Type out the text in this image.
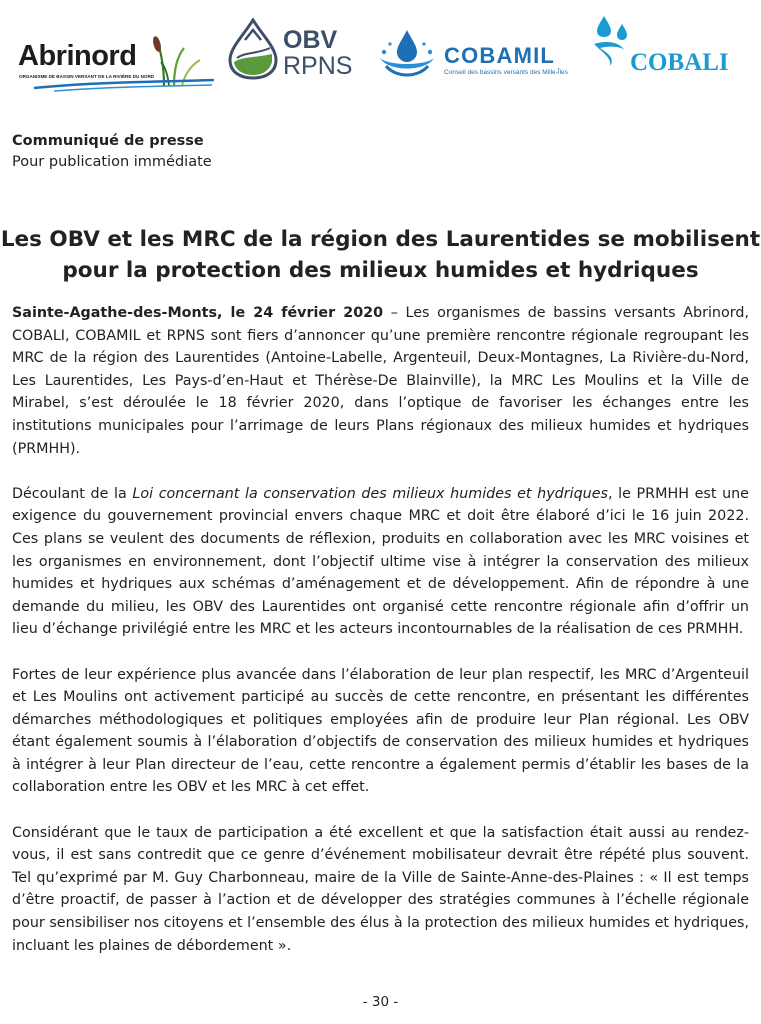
Abrinord
ORGANISME DE BASSIN VERSANT DE LA RIVIÈRE DU NORD
OBV
RPNS	COBAMIL
Conseil des bassins versants des Mille-Îles COBALI
Communiqué de presse
Pour publication immédiate
Les OBV et les MRC de la région des Laurentides se mobilisent
pour la protection des milieux humides et hydriques

Sainte-Agathe-des-Monts, le 24 février 2020 – Les organismes de bassins versants Abrinord, COBALI, COBAMIL et RPNS sont fiers d’annoncer qu’une première rencontre régionale regroupant les MRC de la région des Laurentides (Antoine-Labelle, Argenteuil, Deux-Montagnes, La Rivière-du-Nord, Les Laurentides, Les Pays-d’en-Haut et Thérèse-De Blainville), la MRC Les Moulins et la Ville de Mirabel, s’est déroulée le 18 février 2020, dans l’optique de favoriser les échanges entre les institutions municipales pour l’arrimage de leurs Plans régionaux des milieux humides et hydriques (PRMHH).

Découlant de la Loi concernant la conservation des milieux humides et hydriques, le PRMHH est une exigence du gouvernement provincial envers chaque MRC et doit être élaboré d’ici le 16 juin 2022. Ces plans se veulent des documents de réflexion, produits en collaboration avec les MRC voisines et les organismes en environnement, dont l’objectif ultime vise à intégrer la conservation des milieux humides et hydriques aux schémas d’aménagement et de développement. Afin de répondre à une demande du milieu, les OBV des Laurentides ont organisé cette rencontre régionale afin d’offrir un lieu d’échange privilégié entre les MRC et les acteurs incontournables de la réalisation de ces PRMHH.

Fortes de leur expérience plus avancée dans l’élaboration de leur plan respectif, les MRC d’Argenteuil et Les Moulins ont activement participé au succès de cette rencontre, en présentant les différentes démarches méthodologiques et politiques employées afin de produire leur Plan régional. Les OBV étant également soumis à l’élaboration d’objectifs de conservation des milieux humides et hydriques à intégrer à leur Plan directeur de l’eau, cette rencontre a également permis d’établir les bases de la collaboration entre les OBV et les MRC à cet effet.

Considérant que le taux de participation a été excellent et que la satisfaction était aussi au rendez-vous, il est sans contredit que ce genre d’événement mobilisateur devrait être répété plus souvent. Tel qu’exprimé par M. Guy Charbonneau, maire de la Ville de Sainte-Anne-des-Plaines : « Il est temps d’être proactif, de passer à l’action et de développer des stratégies communes à l’échelle régionale pour sensibiliser nos citoyens et l’ensemble des élus à la protection des milieux humides et hydriques, incluant les plaines de débordement ».

- 30 -
